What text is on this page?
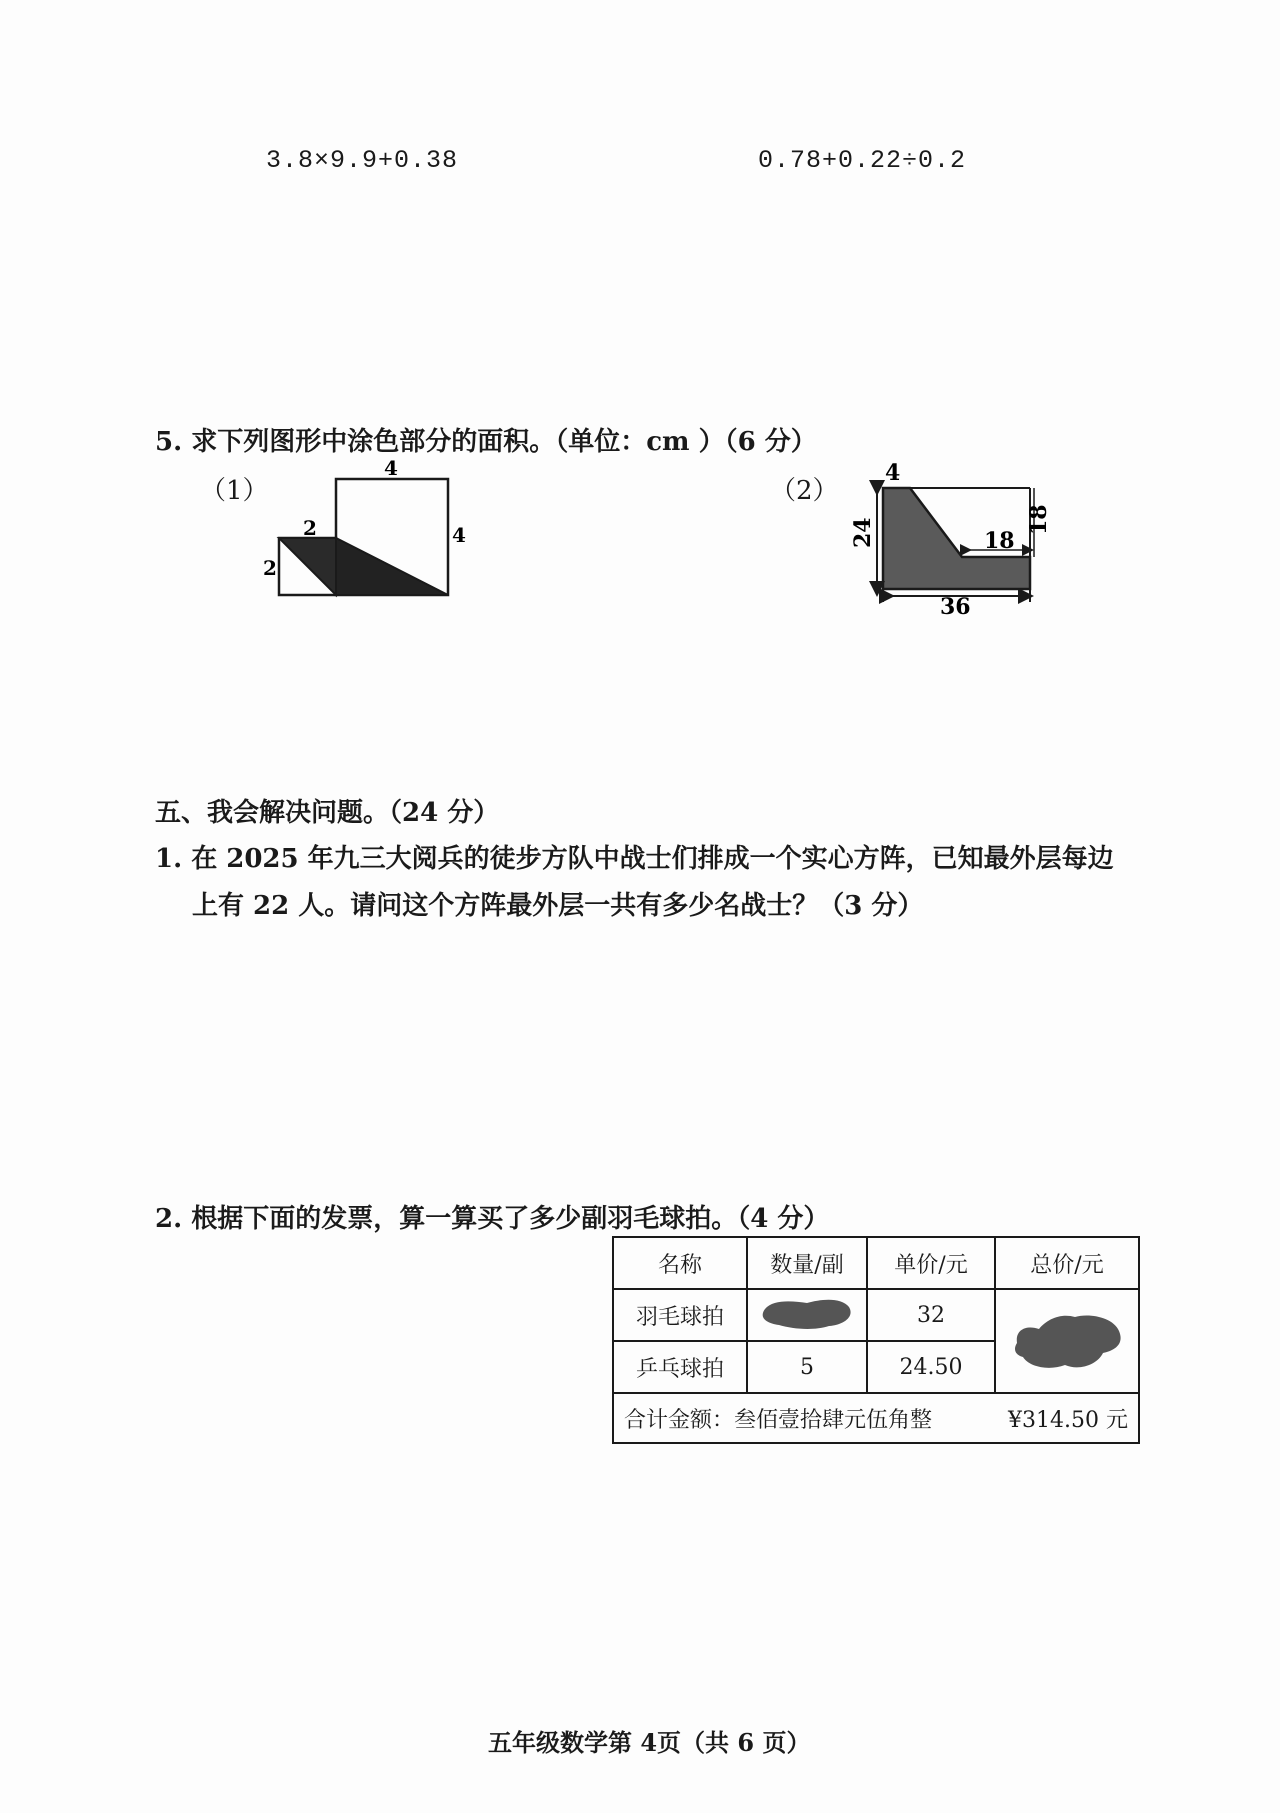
3.8×9.9+0.38	0.78+0.22÷0.2
5. 求下列图形中涂色部分的面积。（单位：cm ）（6 分）
（1）	（2）
4
4
2
2
4
24	18
18
36
五、我会解决问题。（24 分）
1. 在 2025 年九三大阅兵的徒步方队中战士们排成一个实心方阵，已知最外层每边
上有 22 人。请问这个方阵最外层一共有多少名战士？（3 分）
2. 根据下面的发票，算一算买了多少副羽毛球拍。（4 分）
名称	数量/副	单价/元	总价/元
羽毛球拍		32	

乒乓球拍	5	24.50	

合计金额：叁佰壹拾肆元伍角整 ¥314.50 元			
五年级数学第 4页（共 6 页）
